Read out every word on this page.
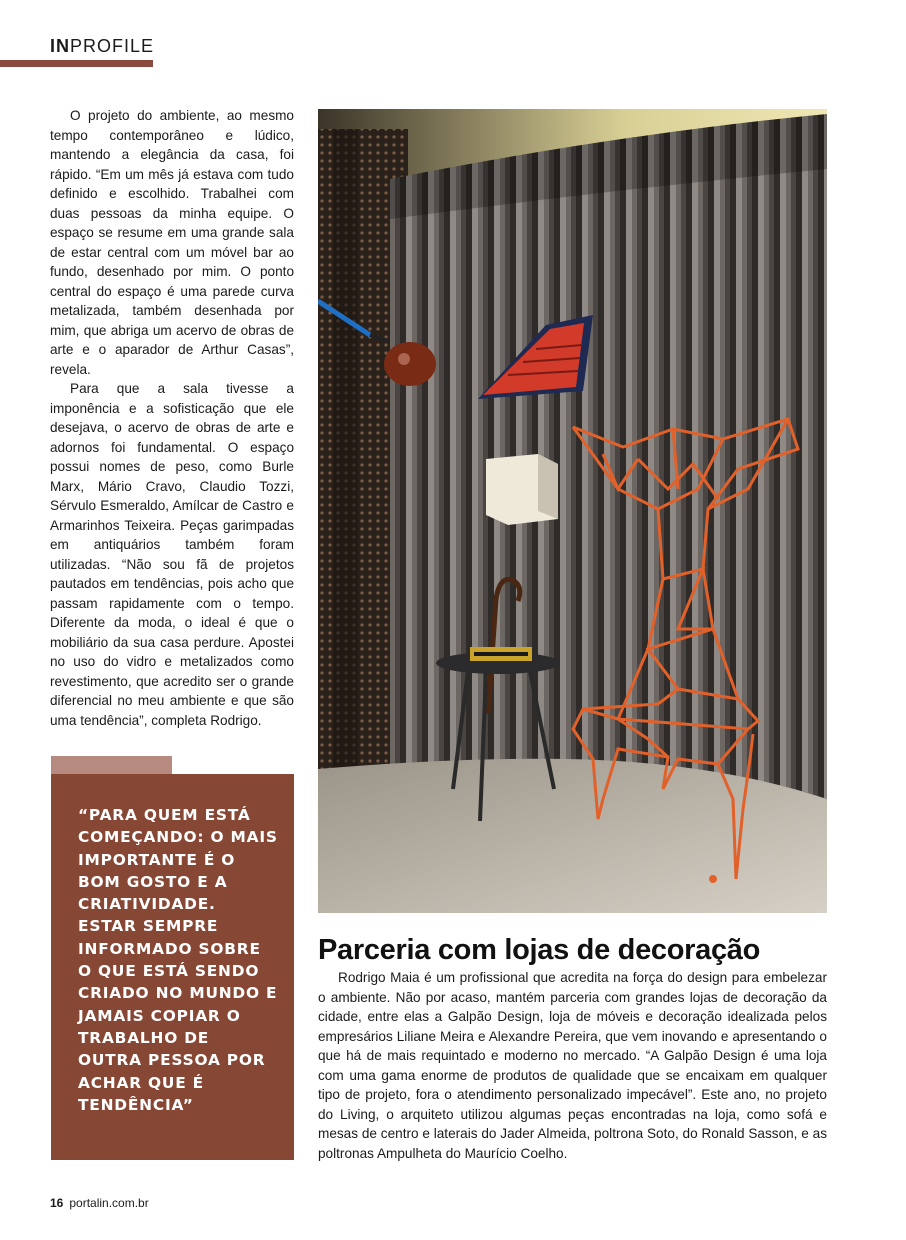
INPROFILE

O projeto do ambiente, ao mesmo tempo contemporâneo e lúdico, mantendo a elegância da casa, foi rápido. “Em um mês já estava com tudo definido e escolhido. Trabalhei com duas pessoas da minha equipe. O espaço se resume em uma grande sala de estar central com um móvel bar ao fundo, desenhado por mim. O ponto central do espaço é uma parede curva metalizada, também desenhada por mim, que abriga um acervo de obras de arte e o aparador de Arthur Casas”, revela.

Para que a sala tivesse a imponência e a sofisticação que ele desejava, o acervo de obras de arte e adornos foi fundamental. O espaço possui nomes de peso, como Burle Marx, Mário Cravo, Claudio Tozzi, Sérvulo Esmeraldo, Amílcar de Castro e Armarinhos Teixeira. Peças garimpadas em antiquários também foram utilizadas. “Não sou fã de projetos pautados em tendências, pois acho que passam rapidamente com o tempo. Diferente da moda, o ideal é que o mobiliário da sua casa perdure. Apostei no uso do vidro e metalizados como revestimento, que acredito ser o grande diferencial no meu ambiente e que são uma tendência”, completa Rodrigo.

“PARA QUEM ESTÁ COMEÇANDO: O MAIS IMPORTANTE É O BOM GOSTO E A CRIATIVIDADE. ESTAR SEMPRE INFORMADO SOBRE O QUE ESTÁ SENDO CRIADO NO MUNDO E JAMAIS COPIAR O TRABALHO DE OUTRA PESSOA POR ACHAR QUE É TENDÊNCIA”
Parceria com lojas de decoração

Rodrigo Maia é um profissional que acredita na força do design para embelezar o ambiente. Não por acaso, mantém parceria com grandes lojas de decoração da cidade, entre elas a Galpão Design, loja de móveis e decoração idealizada pelos empresários Liliane Meira e Alexandre Pereira, que vem inovando e apresentando o que há de mais requintado e moderno no mercado. “A Galpão Design é uma loja com uma gama enorme de produtos de qualidade que se encaixam em qualquer tipo de projeto, fora o atendimento personalizado impecável”. Este ano, no projeto do Living, o arquiteto utilizou algumas peças encontradas na loja, como sofá e mesas de centro e laterais do Jader Almeida, poltrona Soto, do Ronald Sasson, e as poltronas Ampulheta do Maurício Coelho.

16 portalin.com.br
